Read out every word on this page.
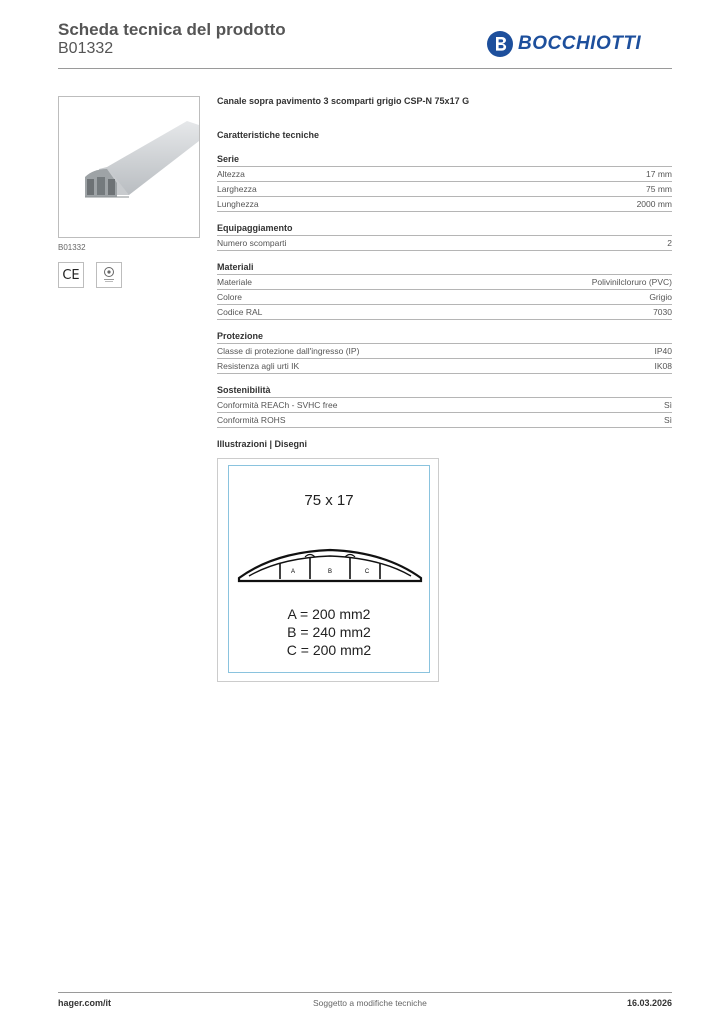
Scheda tecnica del prodotto
B01332	BOCCHIOTTI
B01332
CE
Canale sopra pavimento 3 scomparti grigio CSP-N 75x17 G
Caratteristiche tecniche
Serie
Altezza	17 mm
Larghezza	75 mm
Lunghezza	2000 mm
Equipaggiamento
Numero scomparti	2
Materiali
Materiale	Polivinilcloruro (PVC)
Colore	Grigio
Codice RAL	7030
Protezione
Classe di protezione dall'ingresso (IP)	IP40
Resistenza agli urti IK	IK08
Sostenibilità
Conformità REACh - SVHC free	Sì
Conformità ROHS	Sì
Illustrazioni | Disegni
75 x 17
A	B	C
A = 200 mm2
B = 240 mm2
C = 200 mm2
hager.com/it	Soggetto a modifiche tecniche	16.03.2026
